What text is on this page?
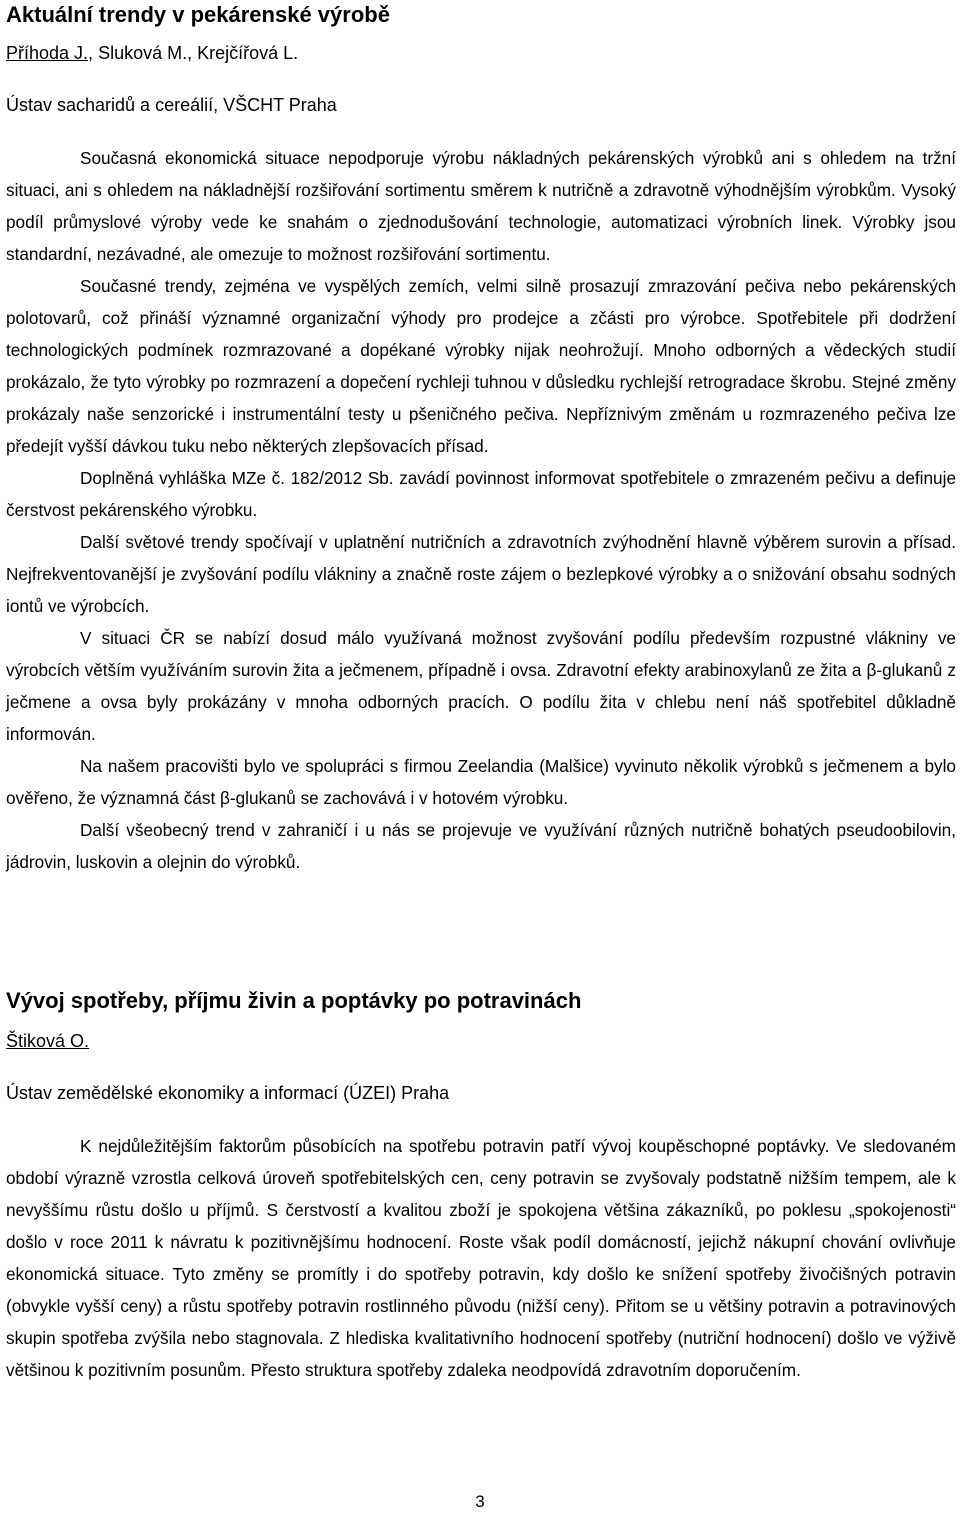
Aktuální trendy v pekárenské výrobě
Příhoda J., Sluková M., Krejčířová L.
Ústav sacharidů a cereálií, VŠCHT Praha

Současná ekonomická situace nepodporuje výrobu nákladných pekárenských výrobků ani s ohledem na tržní situaci, ani s ohledem na nákladnější rozšiřování sortimentu směrem k nutričně a zdravotně výhodnějším výrobkům. Vysoký podíl průmyslové výroby vede ke snahám o zjednodušování technologie, automatizaci výrobních linek. Výrobky jsou standardní, nezávadné, ale omezuje to možnost rozšiřování sortimentu.

Současné trendy, zejména ve vyspělých zemích, velmi silně prosazují zmrazování pečiva nebo pekárenských polotovarů, což přináší významné organizační výhody pro prodejce a zčásti pro výrobce. Spotřebitele při dodržení technologických podmínek rozmrazované a dopékané výrobky nijak neohrožují. Mnoho odborných a vědeckých studií prokázalo, že tyto výrobky po rozmrazení a dopečení rychleji tuhnou v důsledku rychlejší retrogradace škrobu. Stejné změny prokázaly naše senzorické i instrumentální testy u pšeničného pečiva. Nepříznivým změnám u rozmrazeného pečiva lze předejít vyšší dávkou tuku nebo některých zlepšovacích přísad.

Doplněná vyhláška MZe č. 182/2012 Sb. zavádí povinnost informovat spotřebitele o zmrazeném pečivu a definuje čerstvost pekárenského výrobku.

Další světové trendy spočívají v uplatnění nutričních a zdravotních zvýhodnění hlavně výběrem surovin a přísad. Nejfrekventovanější je zvyšování podílu vlákniny a značně roste zájem o bezlepkové výrobky a o snižování obsahu sodných iontů ve výrobcích.

V situaci ČR se nabízí dosud málo využívaná možnost zvyšování podílu především rozpustné vlákniny ve výrobcích větším využíváním surovin žita a ječmenem, případně i ovsa. Zdravotní efekty arabinoxylanů ze žita a β-glukanů z ječmene a ovsa byly prokázány v mnoha odborných pracích. O podílu žita v chlebu není náš spotřebitel důkladně informován.

Na našem pracovišti bylo ve spolupráci s firmou Zeelandia (Malšice) vyvinuto několik výrobků s ječmenem a bylo ověřeno, že významná část β-glukanů se zachovává i v hotovém výrobku.

Další všeobecný trend v zahraničí i u nás se projevuje ve využívání různých nutričně bohatých pseudoobilovin, jádrovin, luskovin a olejnin do výrobků.

Vývoj spotřeby, příjmu živin a poptávky po potravinách
Štiková O.
Ústav zemědělské ekonomiky a informací (ÚZEI) Praha

K nejdůležitějším faktorům působících na spotřebu potravin patří vývoj koupěschopné poptávky. Ve sledovaném období výrazně vzrostla celková úroveň spotřebitelských cen, ceny potravin se zvyšovaly podstatně nižším tempem, ale k nevyššímu růstu došlo u příjmů. S čerstvostí a kvalitou zboží je spokojena většina zákazníků, po poklesu „spokojenosti“ došlo v roce 2011 k návratu k pozitivnějšímu hodnocení. Roste však podíl domácností, jejichž nákupní chování ovlivňuje ekonomická situace. Tyto změny se promítly i do spotřeby potravin, kdy došlo ke snížení spotřeby živočišných potravin (obvykle vyšší ceny) a růstu spotřeby potravin rostlinného původu (nižší ceny). Přitom se u většiny potravin a potravinových skupin spotřeba zvýšila nebo stagnovala. Z hlediska kvalitativního hodnocení spotřeby (nutriční hodnocení) došlo ve výživě většinou k pozitivním posunům. Přesto struktura spotřeby zdaleka neodpovídá zdravotním doporučením.

3
